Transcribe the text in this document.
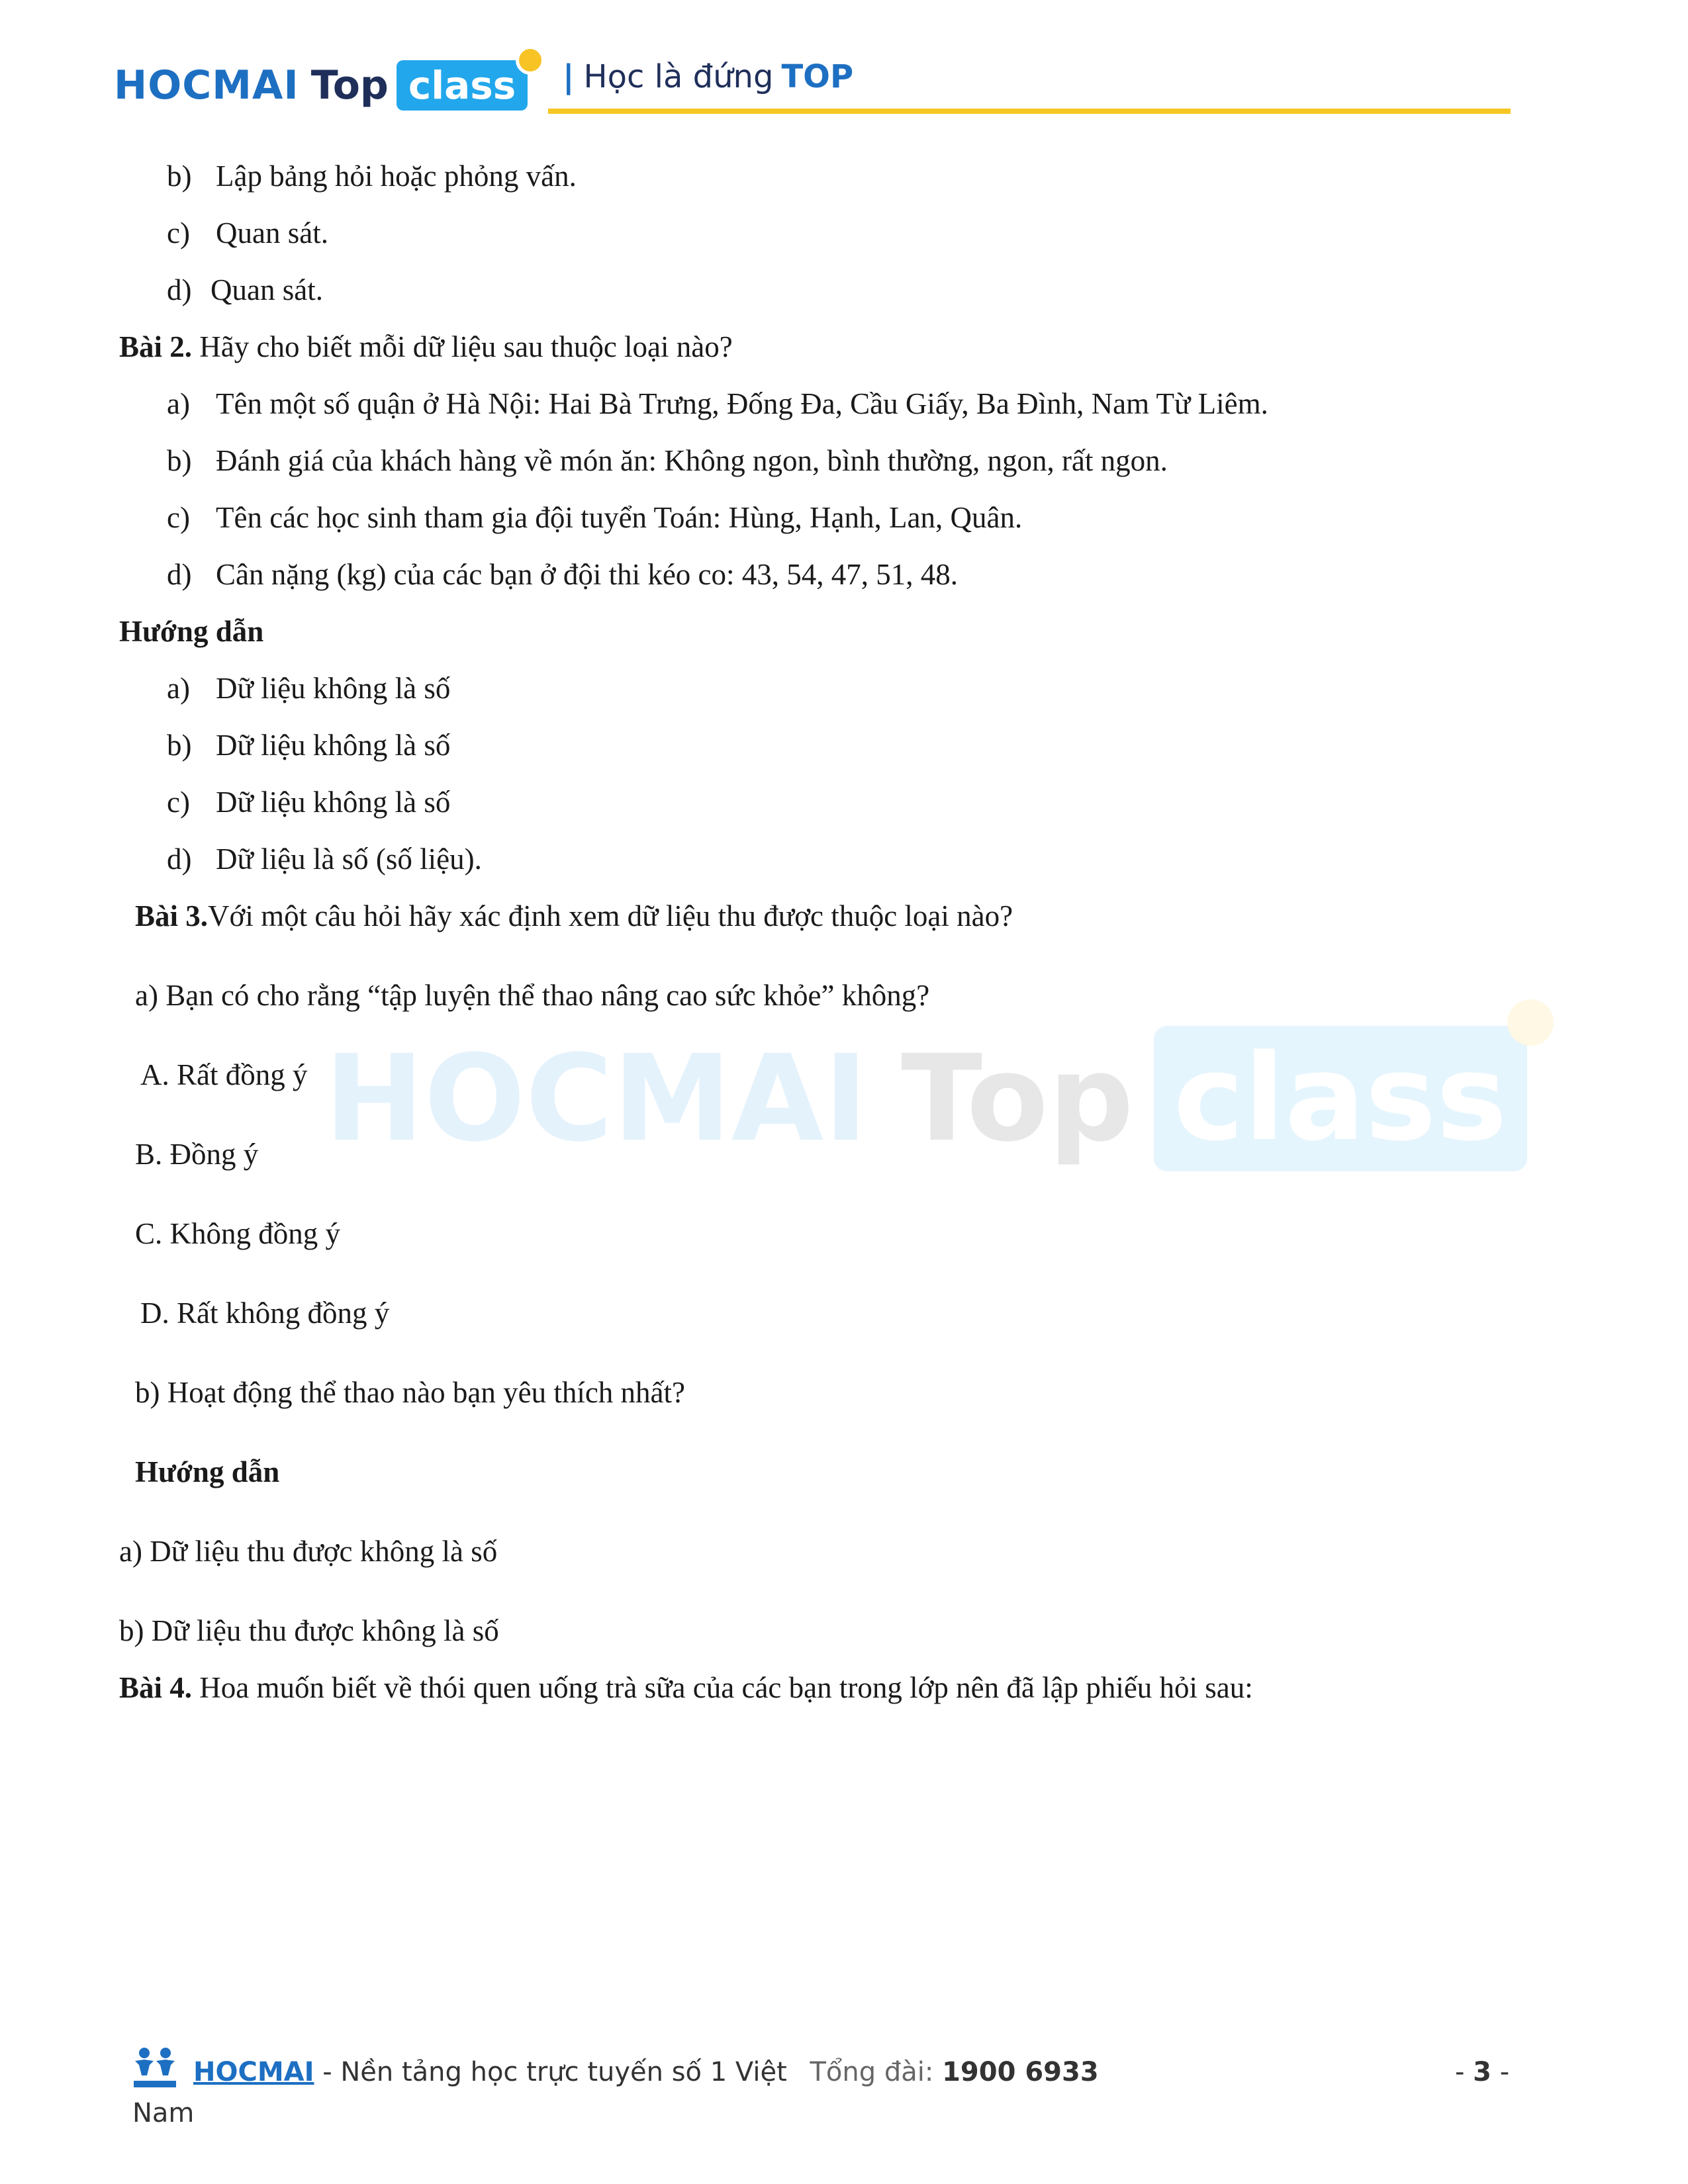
HOCMAI Top class	| Học là đứng TOP
HOCMAI Top class
b) Lập bảng hỏi hoặc phỏng vấn.
c) Quan sát.
d) Quan sát.
Bài 2. Hãy cho biết mỗi dữ liệu sau thuộc loại nào?
a) Tên một số quận ở Hà Nội: Hai Bà Trưng, Đống Đa, Cầu Giấy, Ba Đình, Nam Từ Liêm.
b) Đánh giá của khách hàng về món ăn: Không ngon, bình thường, ngon, rất ngon.
c) Tên các học sinh tham gia đội tuyển Toán: Hùng, Hạnh, Lan, Quân.
d) Cân nặng (kg) của các bạn ở đội thi kéo co: 43, 54, 47, 51, 48.
Hướng dẫn
a) Dữ liệu không là số
b) Dữ liệu không là số
c) Dữ liệu không là số
d) Dữ liệu là số (số liệu).
Bài 3.Với một câu hỏi hãy xác định xem dữ liệu thu được thuộc loại nào?
a) Bạn có cho rằng “tập luyện thể thao nâng cao sức khỏe” không?
A. Rất đồng ý
B. Đồng ý
C. Không đồng ý
D. Rất không đồng ý
b) Hoạt động thể thao nào bạn yêu thích nhất?
Hướng dẫn
a) Dữ liệu thu được không là số
b) Dữ liệu thu được không là số
Bài 4. Hoa muốn biết về thói quen uống trà sữa của các bạn trong lớp nên đã lập phiếu hỏi sau:
HOCMAI - Nền tảng học trực tuyến số 1 Việt Tổng đài: 1900 6933	- 3 -
Nam
